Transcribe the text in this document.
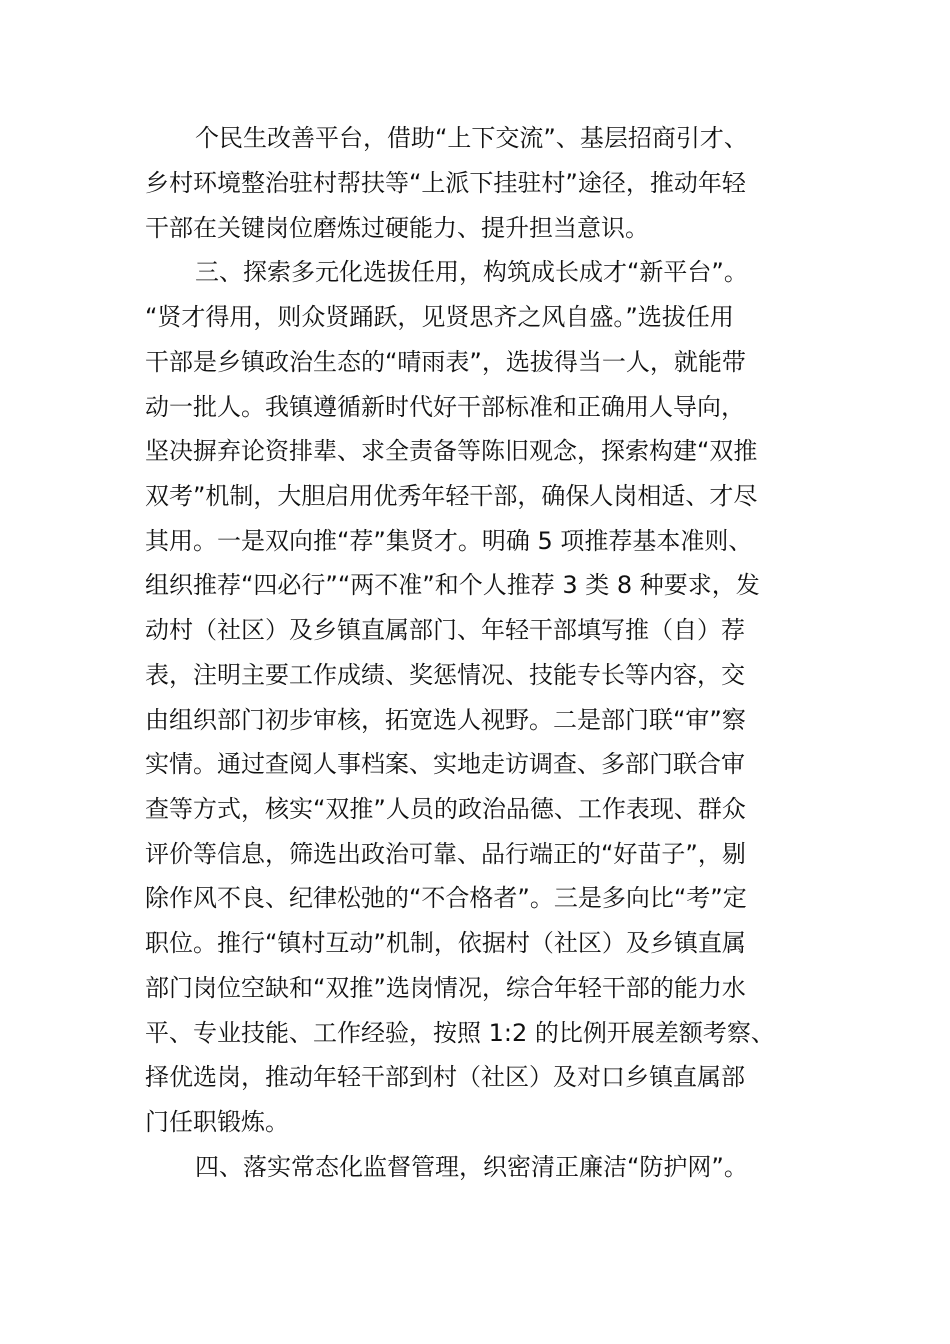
个民生改善平台，借助“上下交流”、基层招商引才、
乡村环境整治驻村帮扶等“上派下挂驻村”途径，推动年轻
干部在关键岗位磨炼过硬能力、提升担当意识。
三、探索多元化选拔任用，构筑成长成才“新平台”。
“贤才得用，则众贤踊跃，见贤思齐之风自盛。”选拔任用
干部是乡镇政治生态的“晴雨表”，选拔得当一人，就能带
动一批人。我镇遵循新时代好干部标准和正确用人导向，
坚决摒弃论资排辈、求全责备等陈旧观念，探索构建“双推
双考”机制，大胆启用优秀年轻干部，确保人岗相适、才尽
其用。一是双向推“荐”集贤才。明确 5 项推荐基本准则、
组织推荐“四必行”“两不准”和个人推荐 3 类 8 种要求，发
动村（社区）及乡镇直属部门、年轻干部填写推（自）荐
表，注明主要工作成绩、奖惩情况、技能专长等内容，交
由组织部门初步审核，拓宽选人视野。二是部门联“审”察
实情。通过查阅人事档案、实地走访调查、多部门联合审
查等方式，核实“双推”人员的政治品德、工作表现、群众
评价等信息，筛选出政治可靠、品行端正的“好苗子”，剔
除作风不良、纪律松弛的“不合格者”。三是多向比“考”定
职位。推行“镇村互动”机制，依据村（社区）及乡镇直属
部门岗位空缺和“双推”选岗情况，综合年轻干部的能力水
平、专业技能、工作经验，按照 1:2 的比例开展差额考察、
择优选岗，推动年轻干部到村（社区）及对口乡镇直属部
门任职锻炼。
四、落实常态化监督管理，织密清正廉洁“防护网”。
